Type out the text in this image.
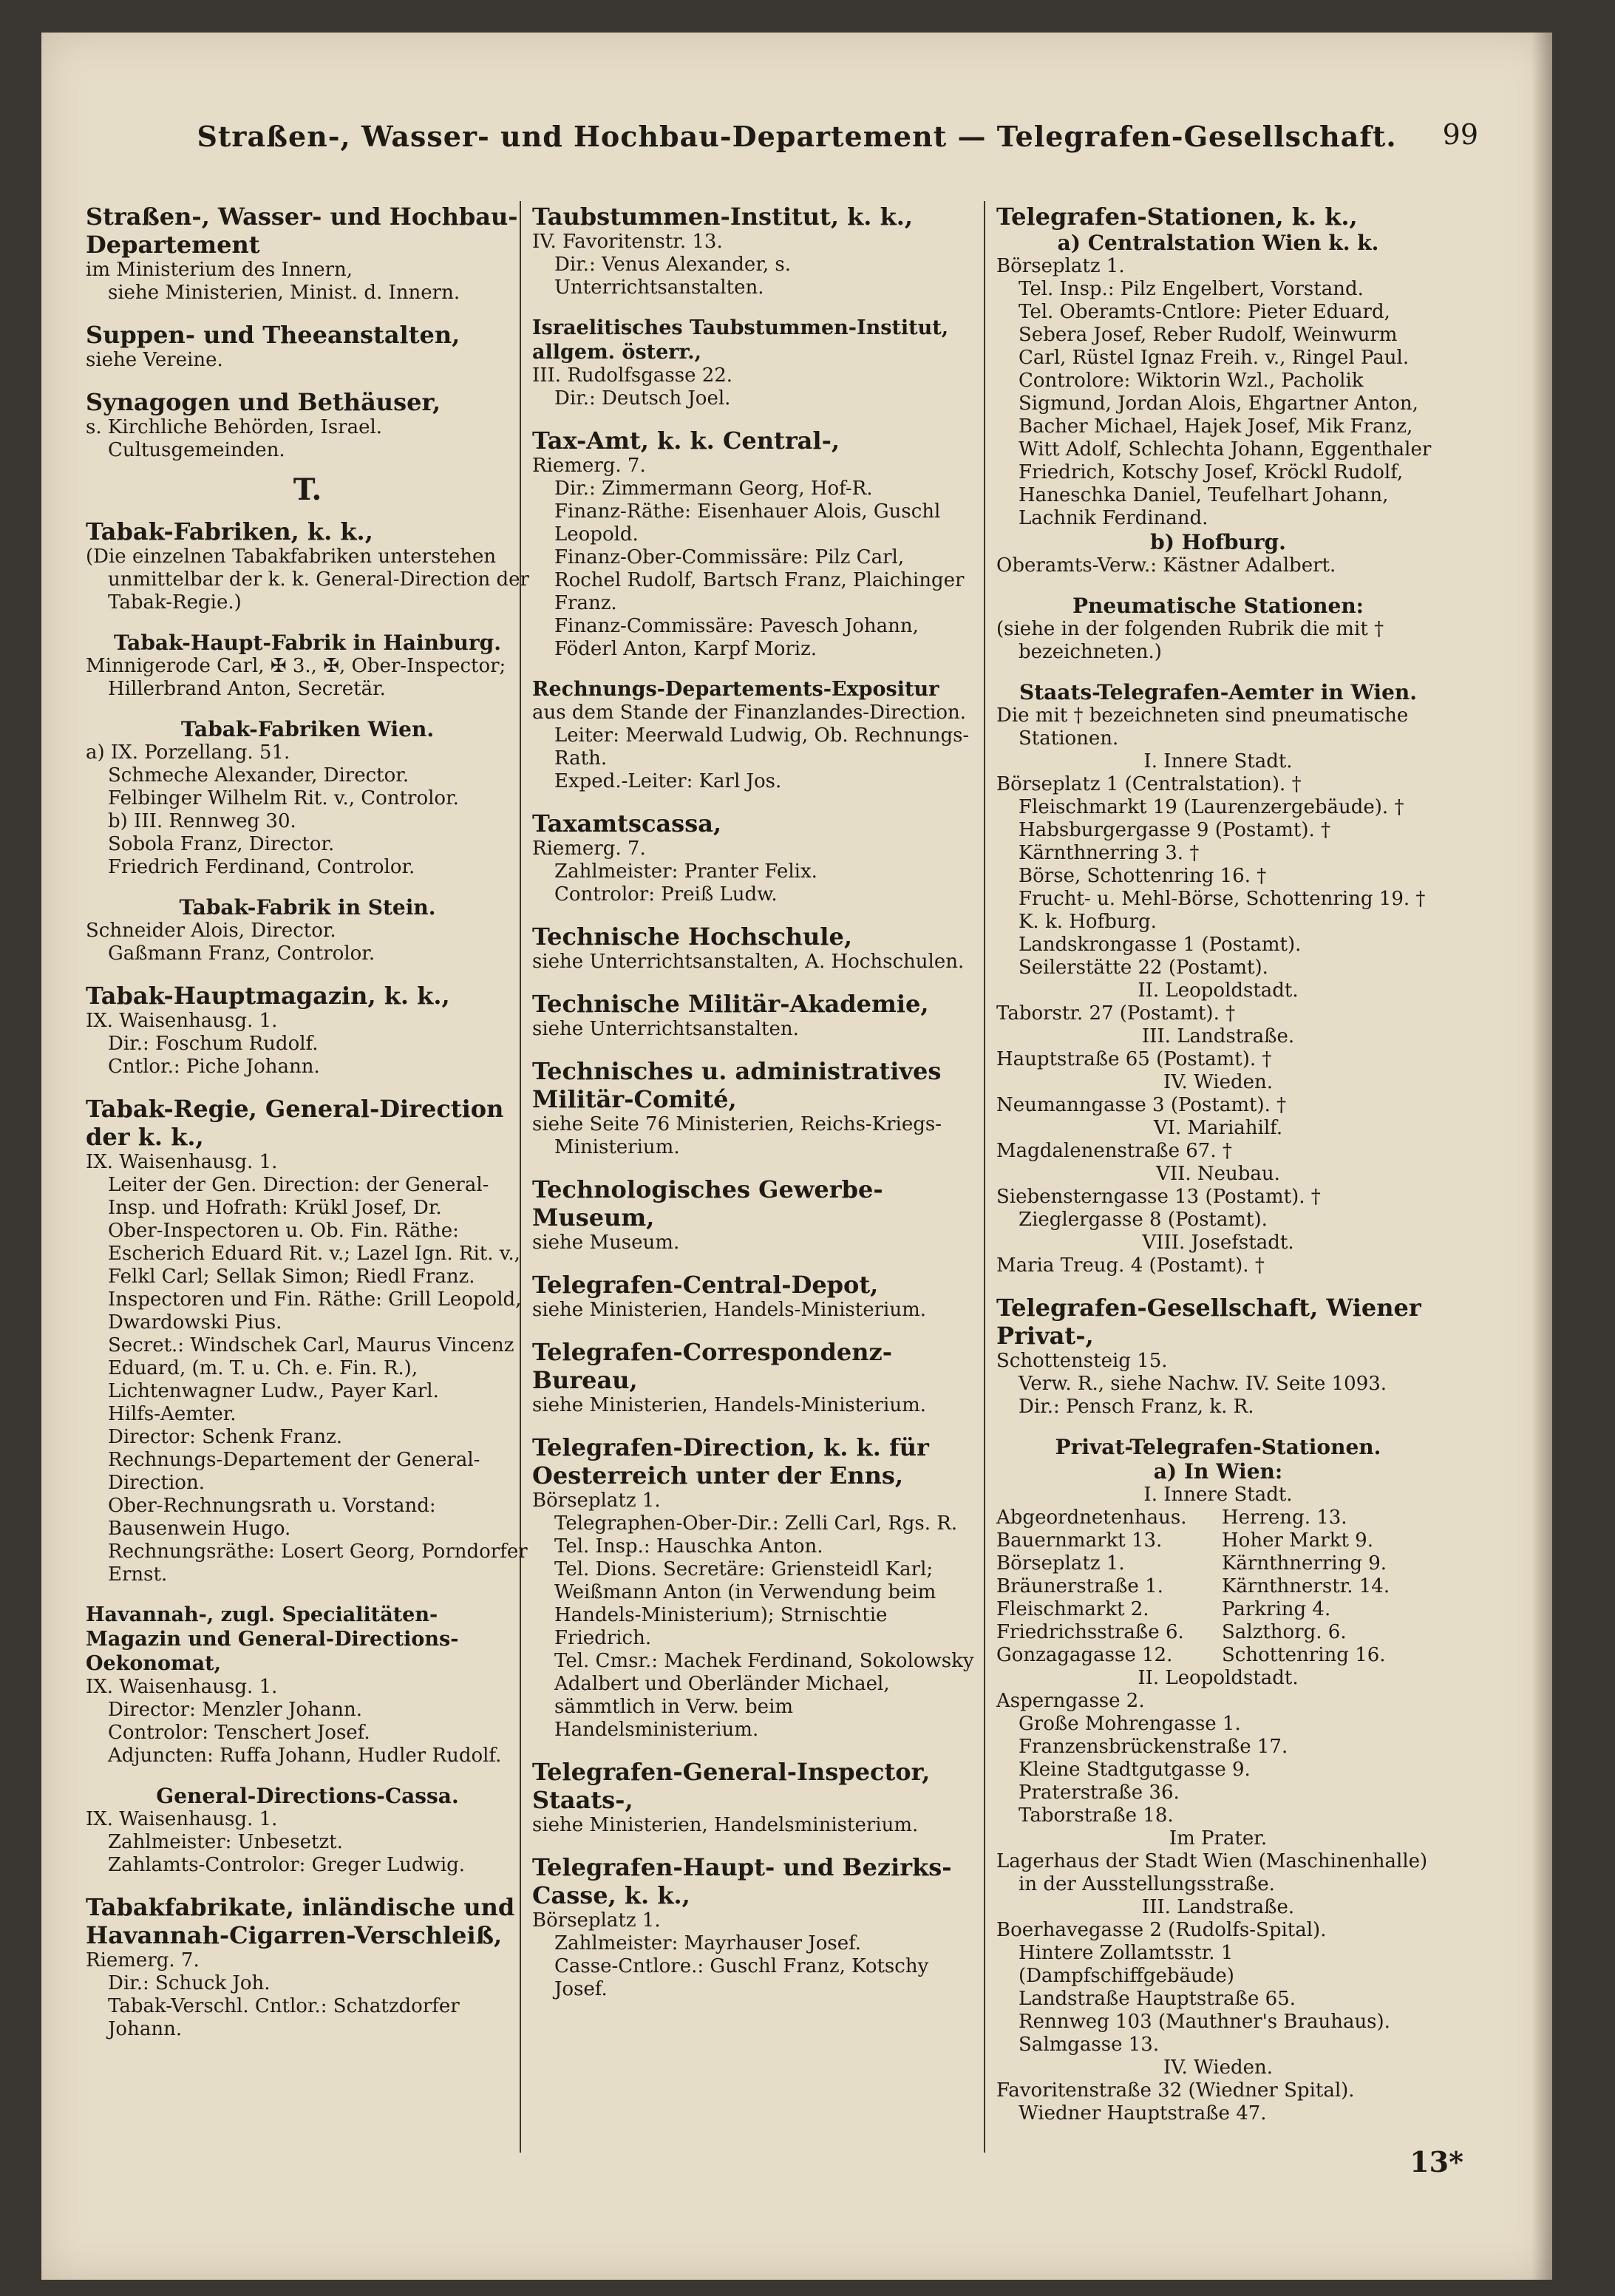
Straßen-, Wasser- und Hochbau-Departement — Telegrafen-Gesellschaft.	99
Straßen-, Wasser- und Hochbau-Departement
im Ministerium des Innern,
siehe Ministerien, Minist. d. Innern.
Suppen- und Theeanstalten,
siehe Vereine.
Synagogen und Bethäuser,
s. Kirchliche Behörden, Israel. Cultusgemeinden.
T.
Tabak-Fabriken, k. k.,
(Die einzelnen Tabakfabriken unterstehen unmittelbar der k. k. General-Direction der Tabak-Regie.)
Tabak-Haupt-Fabrik in Hainburg.
Minnigerode Carl, ✠ 3., ✠, Ober-Inspector; Hillerbrand Anton, Secretär.
Tabak-Fabriken Wien.
a) IX. Porzellang. 51.
Schmeche Alexander, Director.
Felbinger Wilhelm Rit. v., Controlor.
b) III. Rennweg 30.
Sobola Franz, Director.
Friedrich Ferdinand, Controlor.
Tabak-Fabrik in Stein.
Schneider Alois, Director.
Gaßmann Franz, Controlor.
Tabak-Hauptmagazin, k. k.,
IX. Waisenhausg. 1.
Dir.: Foschum Rudolf.
Cntlor.: Piche Johann.
Tabak-Regie, General-Direction der k. k.,
IX. Waisenhausg. 1.
Leiter der Gen. Direction: der General-Insp. und Hofrath: Krükl Josef, Dr.
Ober-Inspectoren u. Ob. Fin. Räthe: Escherich Eduard Rit. v.; Lazel Ign. Rit. v., Felkl Carl; Sellak Simon; Riedl Franz.
Inspectoren und Fin. Räthe: Grill Leopold, Dwardowski Pius.
Secret.: Windschek Carl, Maurus Vincenz Eduard, (m. T. u. Ch. e. Fin. R.), Lichtenwagner Ludw., Payer Karl.
Hilfs-Aemter.
Director: Schenk Franz.
Rechnungs-Departement der General-Direction.
Ober-Rechnungsrath u. Vorstand: Bausenwein Hugo.
Rechnungsräthe: Losert Georg, Porndorfer Ernst.
Havannah-, zugl. Specialitäten-Magazin und General-Directions-Oekonomat,
IX. Waisenhausg. 1.
Director: Menzler Johann.
Controlor: Tenschert Josef.
Adjuncten: Ruffa Johann, Hudler Rudolf.
General-Directions-Cassa.
IX. Waisenhausg. 1.
Zahlmeister: Unbesetzt.
Zahlamts-Controlor: Greger Ludwig.
Tabakfabrikate, inländische und Havannah-Cigarren-Verschleiß,
Riemerg. 7.
Dir.: Schuck Joh.
Tabak-Verschl. Cntlor.: Schatzdorfer Johann.
Taubstummen-Institut, k. k.,
IV. Favoritenstr. 13.
Dir.: Venus Alexander, s. Unterrichtsanstalten.
Israelitisches Taubstummen-Institut, allgem. österr.,
III. Rudolfsgasse 22.
Dir.: Deutsch Joel.
Tax-Amt, k. k. Central-,
Riemerg. 7.
Dir.: Zimmermann Georg, Hof-R.
Finanz-Räthe: Eisenhauer Alois, Guschl Leopold.
Finanz-Ober-Commissäre: Pilz Carl, Rochel Rudolf, Bartsch Franz, Plaichinger Franz.
Finanz-Commissäre: Pavesch Johann, Föderl Anton, Karpf Moriz.
Rechnungs-Departements-Expositur
aus dem Stande der Finanzlandes-Direction.
Leiter: Meerwald Ludwig, Ob. Rechnungs-Rath.
Exped.-Leiter: Karl Jos.
Taxamtscassa,
Riemerg. 7.
Zahlmeister: Pranter Felix.
Controlor: Preiß Ludw.
Technische Hochschule,
siehe Unterrichtsanstalten, A. Hochschulen.
Technische Militär-Akademie,
siehe Unterrichtsanstalten.
Technisches u. administratives Militär-Comité,
siehe Seite 76 Ministerien, Reichs-Kriegs-Ministerium.
Technologisches Gewerbe-Museum,
siehe Museum.
Telegrafen-Central-Depot,
siehe Ministerien, Handels-Ministerium.
Telegrafen-Correspondenz-Bureau,
siehe Ministerien, Handels-Ministerium.
Telegrafen-Direction, k. k. für Oesterreich unter der Enns,
Börseplatz 1.
Telegraphen-Ober-Dir.: Zelli Carl, Rgs. R.
Tel. Insp.: Hauschka Anton.
Tel. Dions. Secretäre: Griensteidl Karl; Weißmann Anton (in Verwendung beim Handels-Ministerium); Strnischtie Friedrich.
Tel. Cmsr.: Machek Ferdinand, Sokolowsky Adalbert und Oberländer Michael, sämmtlich in Verw. beim Handelsministerium.
Telegrafen-General-Inspector, Staats-,
siehe Ministerien, Handelsministerium.
Telegrafen-Haupt- und Bezirks-Casse, k. k.,
Börseplatz 1.
Zahlmeister: Mayrhauser Josef.
Casse-Cntlore.: Guschl Franz, Kotschy Josef.
Telegrafen-Stationen, k. k.,
a) Centralstation Wien k. k.
Börseplatz 1.
Tel. Insp.: Pilz Engelbert, Vorstand.
Tel. Oberamts-Cntlore: Pieter Eduard, Sebera Josef, Reber Rudolf, Weinwurm Carl, Rüstel Ignaz Freih. v., Ringel Paul.
Controlore: Wiktorin Wzl., Pacholik Sigmund, Jordan Alois, Ehgartner Anton, Bacher Michael, Hajek Josef, Mik Franz, Witt Adolf, Schlechta Johann, Eggenthaler Friedrich, Kotschy Josef, Kröckl Rudolf, Haneschka Daniel, Teufelhart Johann, Lachnik Ferdinand.
b) Hofburg.
Oberamts-Verw.: Kästner Adalbert.
Pneumatische Stationen:
(siehe in der folgenden Rubrik die mit † bezeichneten.)
Staats-Telegrafen-Aemter in Wien.
Die mit † bezeichneten sind pneumatische Stationen.
I. Innere Stadt.
Börseplatz 1 (Centralstation). †
Fleischmarkt 19 (Laurenzergebäude). †
Habsburgergasse 9 (Postamt). †
Kärnthnerring 3. †
Börse, Schottenring 16. †
Frucht- u. Mehl-Börse, Schottenring 19. †
K. k. Hofburg.
Landskrongasse 1 (Postamt).
Seilerstätte 22 (Postamt).
II. Leopoldstadt.
Taborstr. 27 (Postamt). †
III. Landstraße.
Hauptstraße 65 (Postamt). †
IV. Wieden.
Neumanngasse 3 (Postamt). †
VI. Mariahilf.
Magdalenenstraße 67. †
VII. Neubau.
Siebensterngasse 13 (Postamt). †
Zieglergasse 8 (Postamt).
VIII. Josefstadt.
Maria Treug. 4 (Postamt). †
Telegrafen-Gesellschaft, Wiener Privat-,
Schottensteig 15.
Verw. R., siehe Nachw. IV. Seite 1093.
Dir.: Pensch Franz, k. R.
Privat-Telegrafen-Stationen.
a) In Wien:
I. Innere Stadt.
Abgeordnetenhaus.
Bauernmarkt 13.
Börseplatz 1.
Bräunerstraße 1.
Fleischmarkt 2.
Friedrichsstraße 6.
Gonzagagasse 12.
Herreng. 13.
Hoher Markt 9.
Kärnthnerring 9.
Kärnthnerstr. 14.
Parkring 4.
Salzthorg. 6.
Schottenring 16.
II. Leopoldstadt.
Asperngasse 2.
Große Mohrengasse 1.
Franzensbrückenstraße 17.
Kleine Stadtgutgasse 9.
Praterstraße 36.
Taborstraße 18.
Im Prater.
Lagerhaus der Stadt Wien (Maschinenhalle) in der Ausstellungsstraße.
III. Landstraße.
Boerhavegasse 2 (Rudolfs-Spital).
Hintere Zollamtsstr. 1 (Dampfschiffgebäude)
Landstraße Hauptstraße 65.
Rennweg 103 (Mauthner's Brauhaus).
Salmgasse 13.
IV. Wieden.
Favoritenstraße 32 (Wiedner Spital).
Wiedner Hauptstraße 47.
13*
